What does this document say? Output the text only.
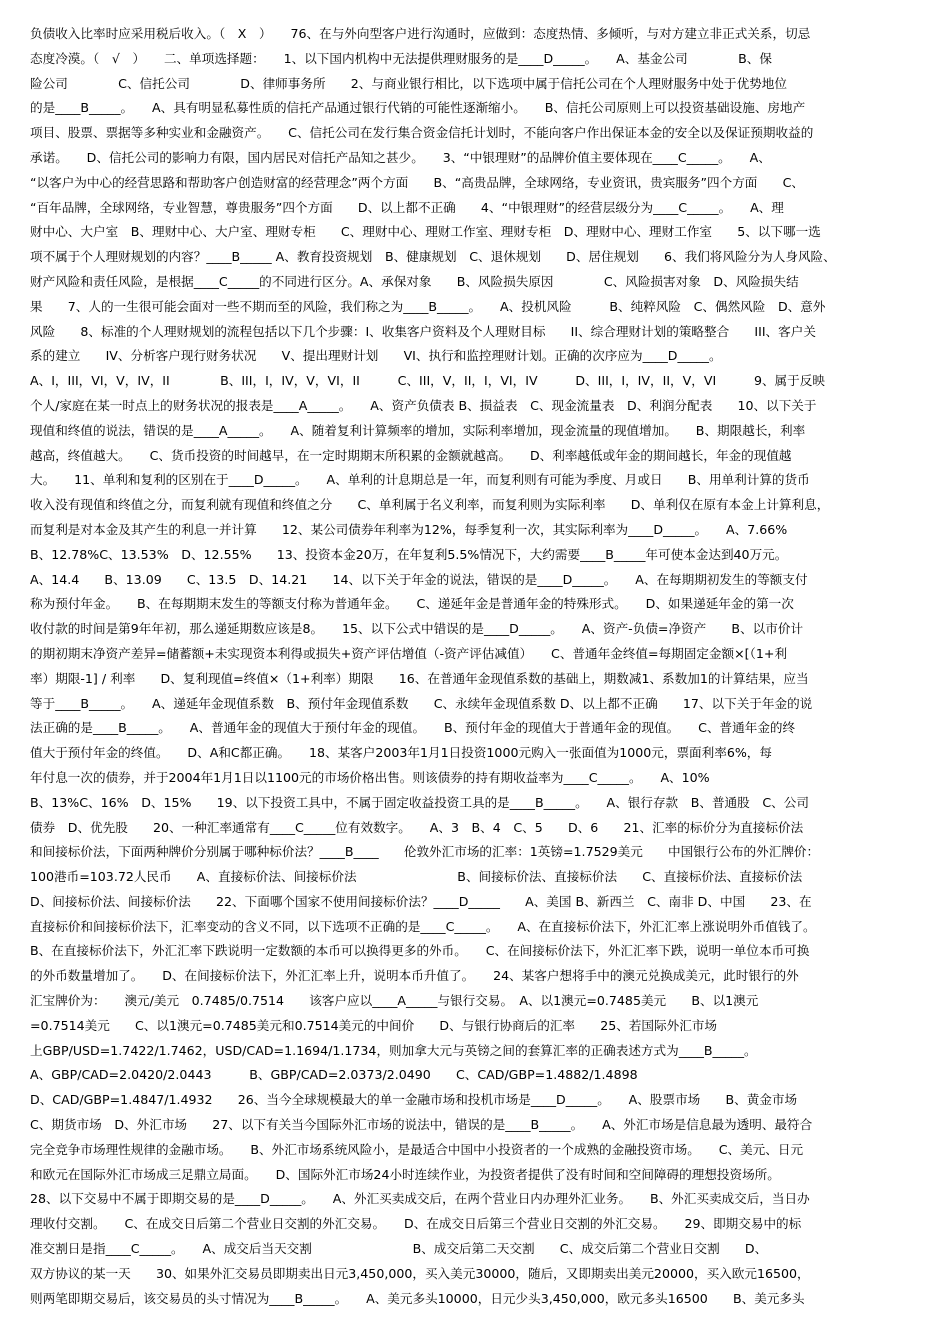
负债收入比率时应采用税后收入。（　X　）　　76、在与外向型客户进行沟通时，应做到：态度热情、多倾听，与对方建立非正式关系，切忌
态度冷漠。（　√　）　　二、单项选择题：　　1、以下国内机构中无法提供理财服务的是____D_____。　　A、基金公司　　　　B、保
险公司　　　　C、信托公司　　　　D、律师事务所　　2、与商业银行相比，以下选项中属于信托公司在个人理财服务中处于优势地位
的是____B_____。　　A、具有明显私募性质的信托产品通过银行代销的可能性逐渐缩小。　　B、信托公司原则上可以投资基础设施、房地产
项目、股票、票据等多种实业和金融资产。　　C、信托公司在发行集合资金信托计划时，不能向客户作出保证本金的安全以及保证预期收益的
承诺。　　D、信托公司的影响力有限，国内居民对信托产品知之甚少。　　3、“中银理财”的品牌价值主要体现在____C_____。　　A、
“以客户为中心的经营思路和帮助客户创造财富的经营理念”两个方面　　B、“高贵品牌，全球网络，专业资讯，贵宾服务”四个方面　　C、
“百年品牌，全球网络，专业智慧，尊贵服务”四个方面　　D、以上都不正确　　4、“中银理财”的经营层级分为____C_____。　　A、理
财中心、大户室　B、理财中心、大户室、理财专柜　　C、理财中心、理财工作室、理财专柜　D、理财中心、理财工作室　　5、以下哪一选
项不属于个人理财规划的内容？____B_____ A、教育投资规划　B、健康规划　C、退休规划　　D、居住规划　　6、我们将风险分为人身风险、
财产风险和责任风险，是根据____C_____的不同进行区分。A、承保对象　　B、风险损失原因　　　　C、风险损害对象　D、风险损失结
果　　7、人的一生很可能会面对一些不期而至的风险，我们称之为____B_____。　　A、投机风险　　　B、纯粹风险　C、偶然风险　D、意外
风险　　8、标准的个人理财规划的流程包括以下几个步骤：I、收集客户资料及个人理财目标　　II、综合理财计划的策略整合　　III、客户关
系的建立　　IV、分析客户现行财务状况　　V、提出理财计划　　VI、执行和监控理财计划。正确的次序应为____D_____。
A、I，III，VI，V，IV，II　　　　B、III，I，IV，V，VI，II　　　C、III，V，II，I，VI，IV　　　D、III，I，IV，II，V，VI　　　9、属于反映
个人/家庭在某一时点上的财务状况的报表是____A_____。　　A、资产负债表 B、损益表　C、现金流量表　D、利润分配表　　10、以下关于
现值和终值的说法，错误的是____A_____。　　A、随着复利计算频率的增加，实际利率增加，现金流量的现值增加。　　B、期限越长，利率
越高，终值越大。　　C、货币投资的时间越早，在一定时期期末所积累的金额就越高。　　D、利率越低或年金的期间越长，年金的现值越
大。　　11、单利和复利的区别在于____D_____。　　A、单利的计息期总是一年，而复利则有可能为季度、月或日　　B、用单利计算的货币
收入没有现值和终值之分，而复利就有现值和终值之分　　C、单利属于名义利率，而复利则为实际利率　　D、单利仅在原有本金上计算利息，
而复利是对本金及其产生的利息一并计算　　12、某公司债券年利率为12%，每季复利一次，其实际利率为____D_____。　　A、7.66%
B、12.78%C、13.53%　D、12.55%　　13、投资本金20万，在年复利5.5%情况下，大约需要____B_____年可使本金达到40万元。
A、14.4　　B、13.09　　C、13.5　D、14.21　　14、以下关于年金的说法，错误的是____D_____。　　A、在每期期初发生的等额支付
称为预付年金。　　B、在每期期末发生的等额支付称为普通年金。　　C、递延年金是普通年金的特殊形式。　　D、如果递延年金的第一次
收付款的时间是第9年年初，那么递延期数应该是8。　　15、以下公式中错误的是____D_____。　　A、资产-负债=净资产　　B、以市价计
的期初期末净资产差异=储蓄额+未实现资本利得或损失+资产评估增值（-资产评估减值）　　C、普通年金终值=每期固定金额×[（1+利
率）期限-1] / 利率　　D、复利现值=终值×（1+利率）期限　　16、在普通年金现值系数的基础上，期数减1、系数加1的计算结果，应当
等于____B_____。　　A、递延年金现值系数　B、预付年金现值系数　　C、永续年金现值系数 D、以上都不正确　　17、以下关于年金的说
法正确的是____B_____。　　A、普通年金的现值大于预付年金的现值。　　B、预付年金的现值大于普通年金的现值。　　C、普通年金的终
值大于预付年金的终值。　　D、A和C都正确。　　18、某客户2003年1月1日投资1000元购入一张面值为1000元，票面利率6%，每
年付息一次的债券，并于2004年1月1日以1100元的市场价格出售。则该债券的持有期收益率为____C_____。　　A、10%
B、13%C、16%　D、15%　　19、以下投资工具中，不属于固定收益投资工具的是____B_____。　　A、银行存款　B、普通股　C、公司
债券　D、优先股　　20、一种汇率通常有____C_____位有效数字。　　A、3　B、4　C、5　　D、6　　21、汇率的标价分为直接标价法
和间接标价法，下面两种牌价分别属于哪种标价法？____B____　　伦敦外汇市场的汇率：1英镑=1.7529美元　　中国银行公布的外汇牌价：
100港币=103.72人民币　　A、直接标价法、间接标价法　　　　　　　　B、间接标价法、直接标价法　　C、直接标价法、直接标价法
D、间接标价法、间接标价法　　22、下面哪个国家不使用间接标价法？____D_____　　A、美国 B、新西兰　C、南非 D、中国　　23、在
直接标价和间接标价法下，汇率变动的含义不同，以下选项不正确的是____C_____。　　A、在直接标价法下，外汇汇率上涨说明外币值钱了。
B、在直接标价法下，外汇汇率下跌说明一定数额的本币可以换得更多的外币。　　C、在间接标价法下，外汇汇率下跌，说明一单位本币可换
的外币数量增加了。　　D、在间接标价法下，外汇汇率上升，说明本币升值了。　　24、某客户想将手中的澳元兑换成美元，此时银行的外
汇宝牌价为：　　澳元/美元　0.7485/0.7514　　该客户应以____A_____与银行交易。　A、以1澳元=0.7485美元　　B、以1澳元
=0.7514美元　　C、以1澳元=0.7485美元和0.7514美元的中间价　　D、与银行协商后的汇率　　25、若国际外汇市场
上GBP/USD=1.7422/1.7462，USD/CAD=1.1694/1.1734，则加拿大元与英镑之间的套算汇率的正确表述方式为____B_____。
A、GBP/CAD=2.0420/2.0443　　　B、GBP/CAD=2.0373/2.0490　　C、CAD/GBP=1.4882/1.4898
D、CAD/GBP=1.4847/1.4932　　26、当今全球规模最大的单一金融市场和投机市场是____D_____。　　A、股票市场　　B、黄金市场
C、期货市场　D、外汇市场　　27、以下有关当今国际外汇市场的说法中，错误的是____B_____。　　A、外汇市场是信息最为透明、最符合
完全竞争市场理性规律的金融市场。　　B、外汇市场系统风险小，是最适合中国中小投资者的一个成熟的金融投资市场。　　C、美元、日元
和欧元在国际外汇市场成三足鼎立局面。　　D、国际外汇市场24小时连续作业，为投资者提供了没有时间和空间障碍的理想投资场所。
28、以下交易中不属于即期交易的是____D_____。　　A、外汇买卖成交后，在两个营业日内办理外汇业务。　　B、外汇买卖成交后，当日办
理收付交割。　　C、在成交日后第二个营业日交割的外汇交易。　　D、在成交日后第三个营业日交割的外汇交易。　　29、即期交易中的标
准交割日是指____C_____。　　A、成交后当天交割　　　　　　　　B、成交后第二天交割　　C、成交后第二个营业日交割　　D、
双方协议的某一天　　30、如果外汇交易员即期卖出日元3,450,000，买入美元30000，随后，又即期卖出美元20000，买入欧元16500，
则两笔即期交易后，该交易员的头寸情况为____B_____。　　A、美元多头10000，日元少头3,450,000，欧元多头16500　　B、美元多头
